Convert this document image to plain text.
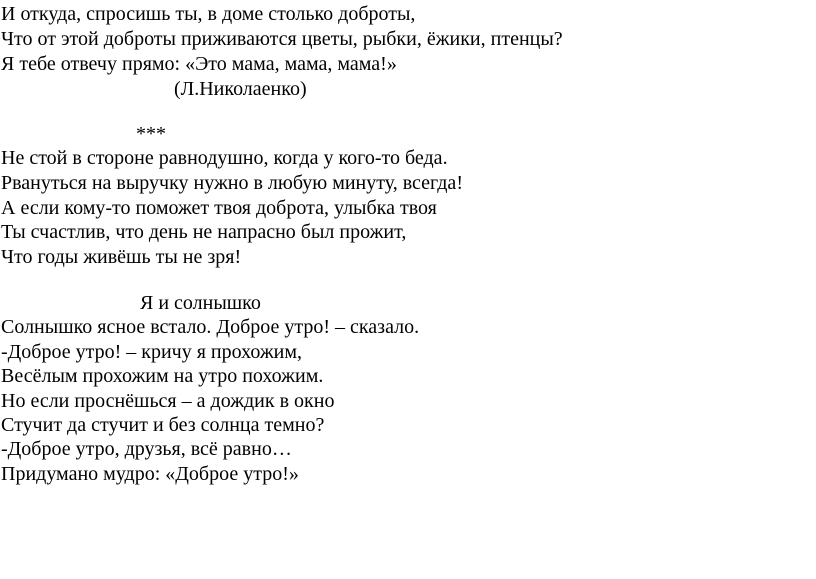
И откуда, спросишь ты, в доме столько доброты,

Что от этой доброты приживаются цветы, рыбки, ёжики, птенцы?

Я тебе отвечу прямо: «Это мама, мама, мама!»

(Л.Николаенко)

***

Не стой в стороне равнодушно, когда у кого-то беда.

Рвануться на выручку нужно в любую минуту, всегда!

А если кому-то поможет твоя доброта, улыбка твоя

Ты счастлив, что день не напрасно был прожит,

Что годы живёшь ты не зря!

Я и солнышко

Солнышко ясное встало. Доброе утро! – сказало.

-Доброе утро! – кричу я прохожим,

Весёлым прохожим на утро похожим.

Но если проснёшься – а дождик в окно

Стучит да стучит и без солнца темно?

-Доброе утро, друзья, всё равно…

Придумано мудро: «Доброе утро!»
